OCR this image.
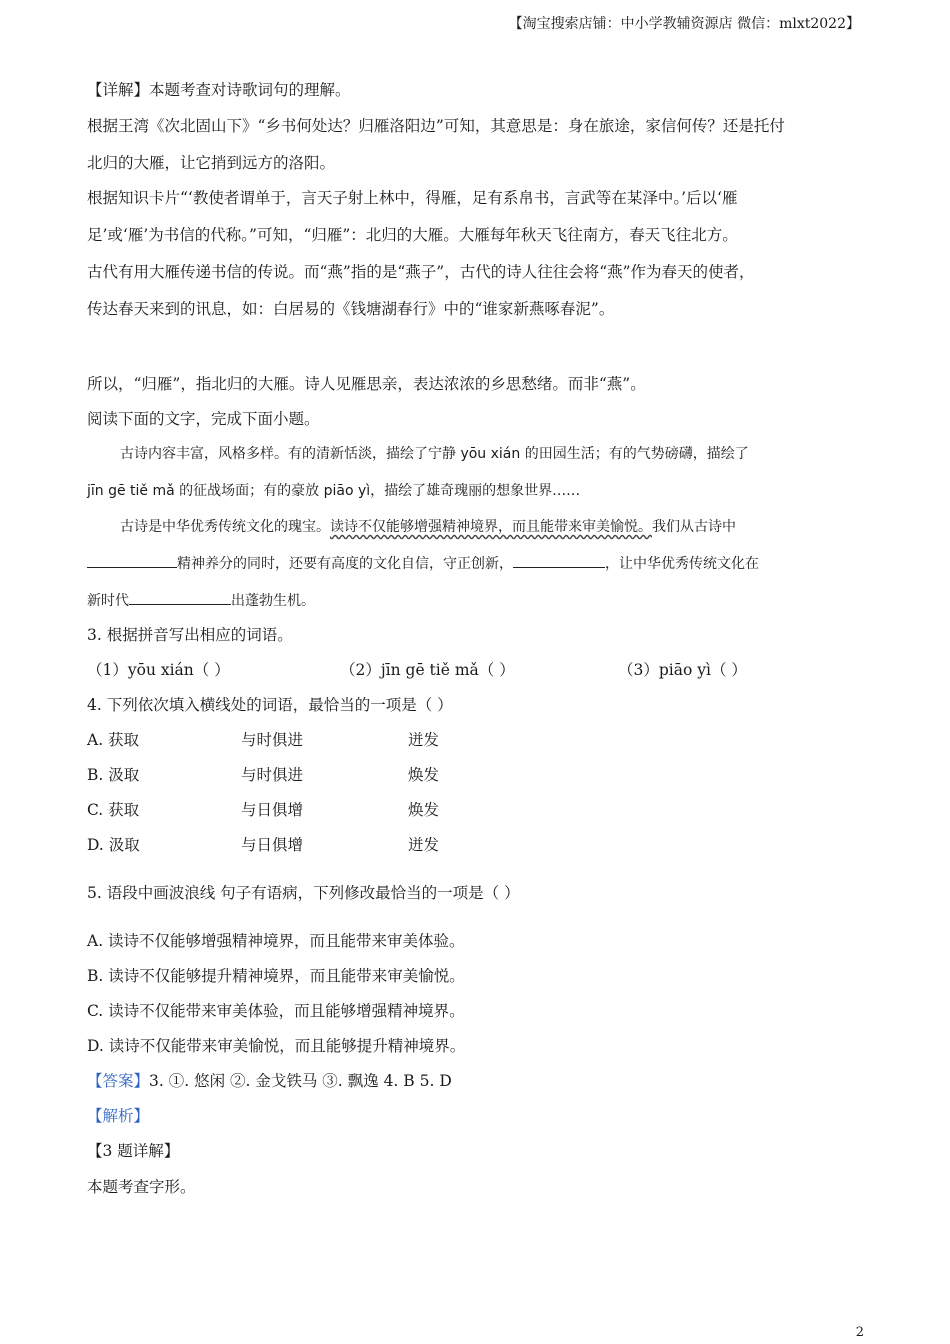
【淘宝搜索店铺：中小学教辅资源店 微信：mlxt2022】
【详解】本题考查对诗歌词句的理解。
根据王湾《次北固山下》“乡书何处达？归雁洛阳边”可知，其意思是：身在旅途，家信何传？还是托付
北归的大雁，让它捎到远方的洛阳。
根据知识卡片“‘教使者谓单于，言天子射上林中，得雁，足有系帛书，言武等在某泽中。’后以‘雁
足’或‘雁’为书信的代称。”可知，“归雁”：北归的大雁。大雁每年秋天飞往南方，春天飞往北方。
古代有用大雁传递书信的传说。而“燕”指的是“燕子”，古代的诗人往往会将“燕”作为春天的使者，
传达春天来到的讯息，如：白居易的《钱塘湖春行》中的“谁家新燕啄春泥”。
所以，“归雁”，指北归的大雁。诗人见雁思亲，表达浓浓的乡思愁绪。而非“燕”。
阅读下面的文字，完成下面小题。
古诗内容丰富，风格多样。有的清新恬淡，描绘了宁静 yōu xián 的田园生活；有的气势磅礴，描绘了
jīn gē tiě mǎ 的征战场面；有的豪放 piāo yì，描绘了雄奇瑰丽的想象世界……
古诗是中华优秀传统文化的瑰宝。读诗不仅能够增强精神境界，而且能带来审美愉悦。我们从古诗中
精神养分的同时，还要有高度的文化自信，守正创新，	，让中华优秀传统文化在
新时代	出蓬勃生机。
3. 根据拼音写出相应的词语。
（1）yōu xián（ ）	（2）jīn gē tiě mǎ（ ）	（3）piāo yì（ ）
4. 下列依次填入横线处的词语，最恰当的一项是（ ）
A. 获取	与时俱进	迸发
B. 汲取	与时俱进	焕发
C. 获取	与日俱增	焕发
D. 汲取	与日俱增	迸发
5. 语段中画波浪线 句子有语病，下列修改最恰当的一项是（ ）
A. 读诗不仅能够增强精神境界，而且能带来审美体验。
B. 读诗不仅能够提升精神境界，而且能带来审美愉悦。
C. 读诗不仅能带来审美体验，而且能够增强精神境界。
D. 读诗不仅能带来审美愉悦，而且能够提升精神境界。
【答案】3. ①. 悠闲 ②. 金戈铁马 ③. 飘逸 4. B 5. D
【解析】
【3 题详解】
本题考查字形。
2
